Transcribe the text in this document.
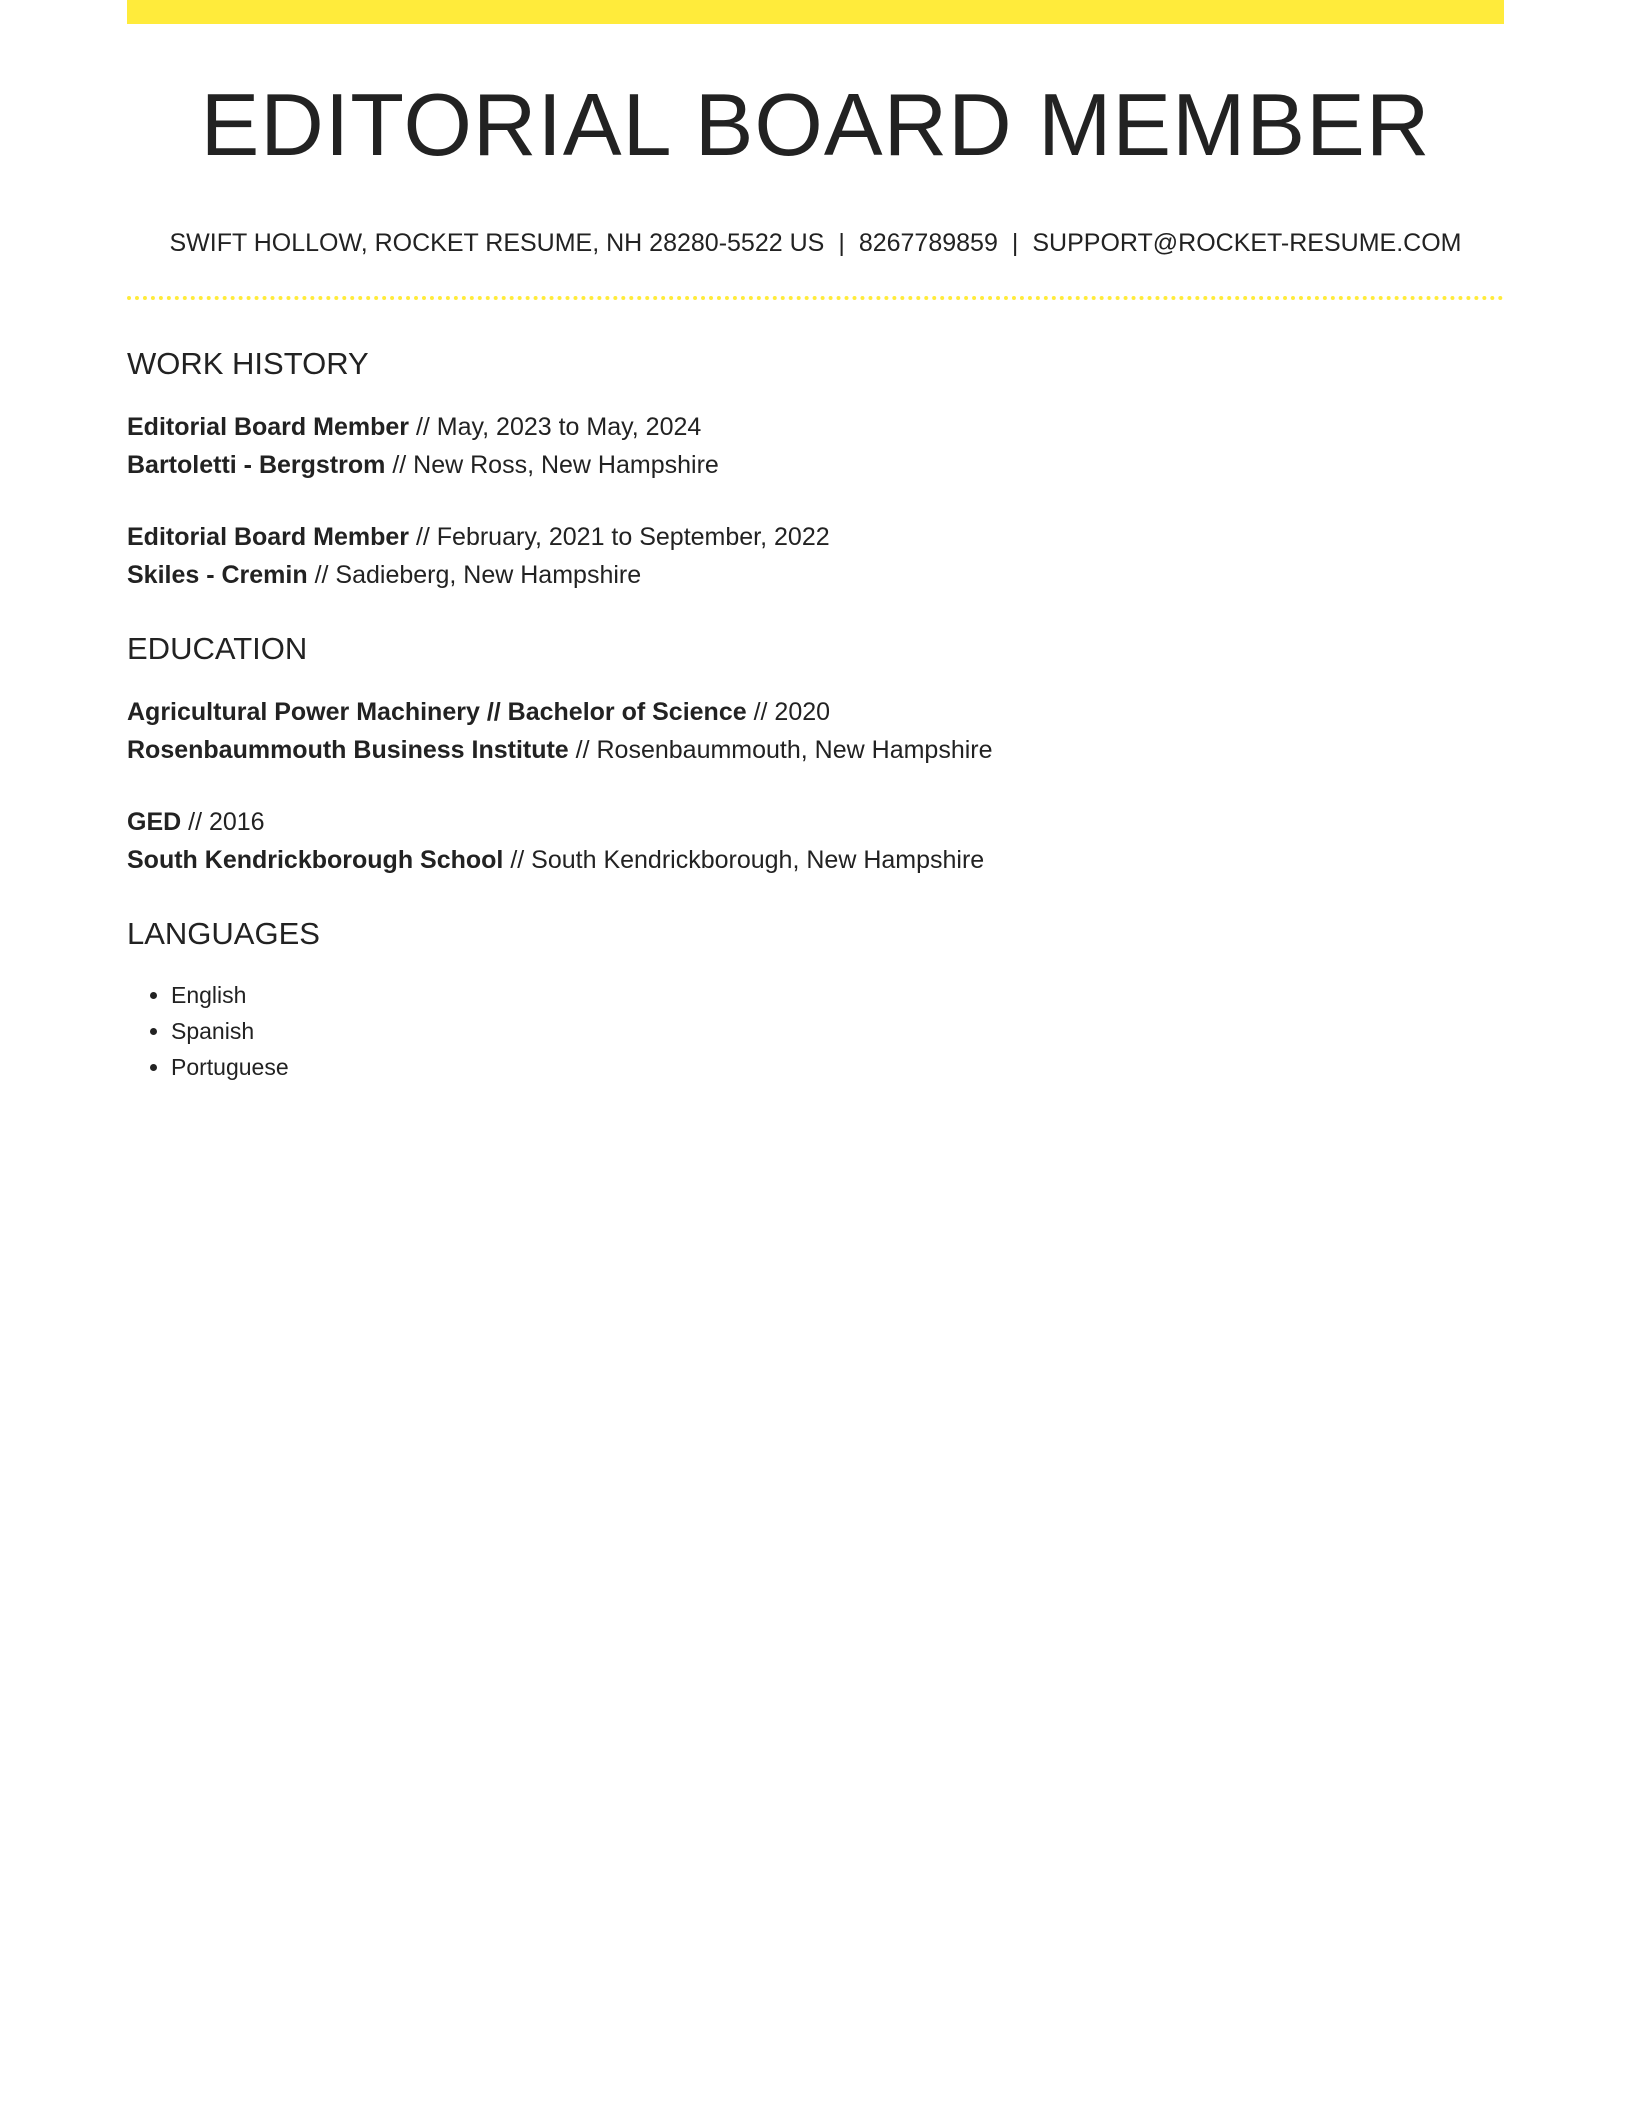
EDITORIAL BOARD MEMBER
SWIFT HOLLOW, ROCKET RESUME, NH 28280-5522 US | 8267789859 | SUPPORT@ROCKET-RESUME.COM
WORK HISTORY
Editorial Board Member // May, 2023 to May, 2024
Bartoletti - Bergstrom // New Ross, New Hampshire
Editorial Board Member // February, 2021 to September, 2022
Skiles - Cremin // Sadieberg, New Hampshire
EDUCATION
Agricultural Power Machinery // Bachelor of Science // 2020
Rosenbaummouth Business Institute // Rosenbaummouth, New Hampshire
GED // 2016
South Kendrickborough School // South Kendrickborough, New Hampshire
LANGUAGES
• English
• Spanish
• Portuguese
